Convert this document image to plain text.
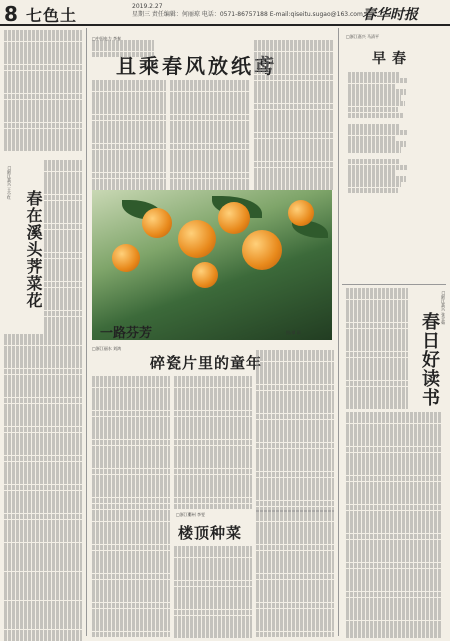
8 七色土	2019.2.27
星期三 责任编辑：何丽琼 电话：0571-86757188 E-mail:qiseitu.sugao@163.com 春华时报
□中国电力 李春
且乘春风放纸鸢
□浙江嘉兴 王小红
春在溪头荠菜花
一路芬芳	图/谭 雨
□浙江丽水 刘鸿
碎瓷片里的童年
□浙江衢州 李雯
楼顶种菜
□浙江嘉兴 马清平
早春
□浙江嘉兴 张全茹
春日好读书
